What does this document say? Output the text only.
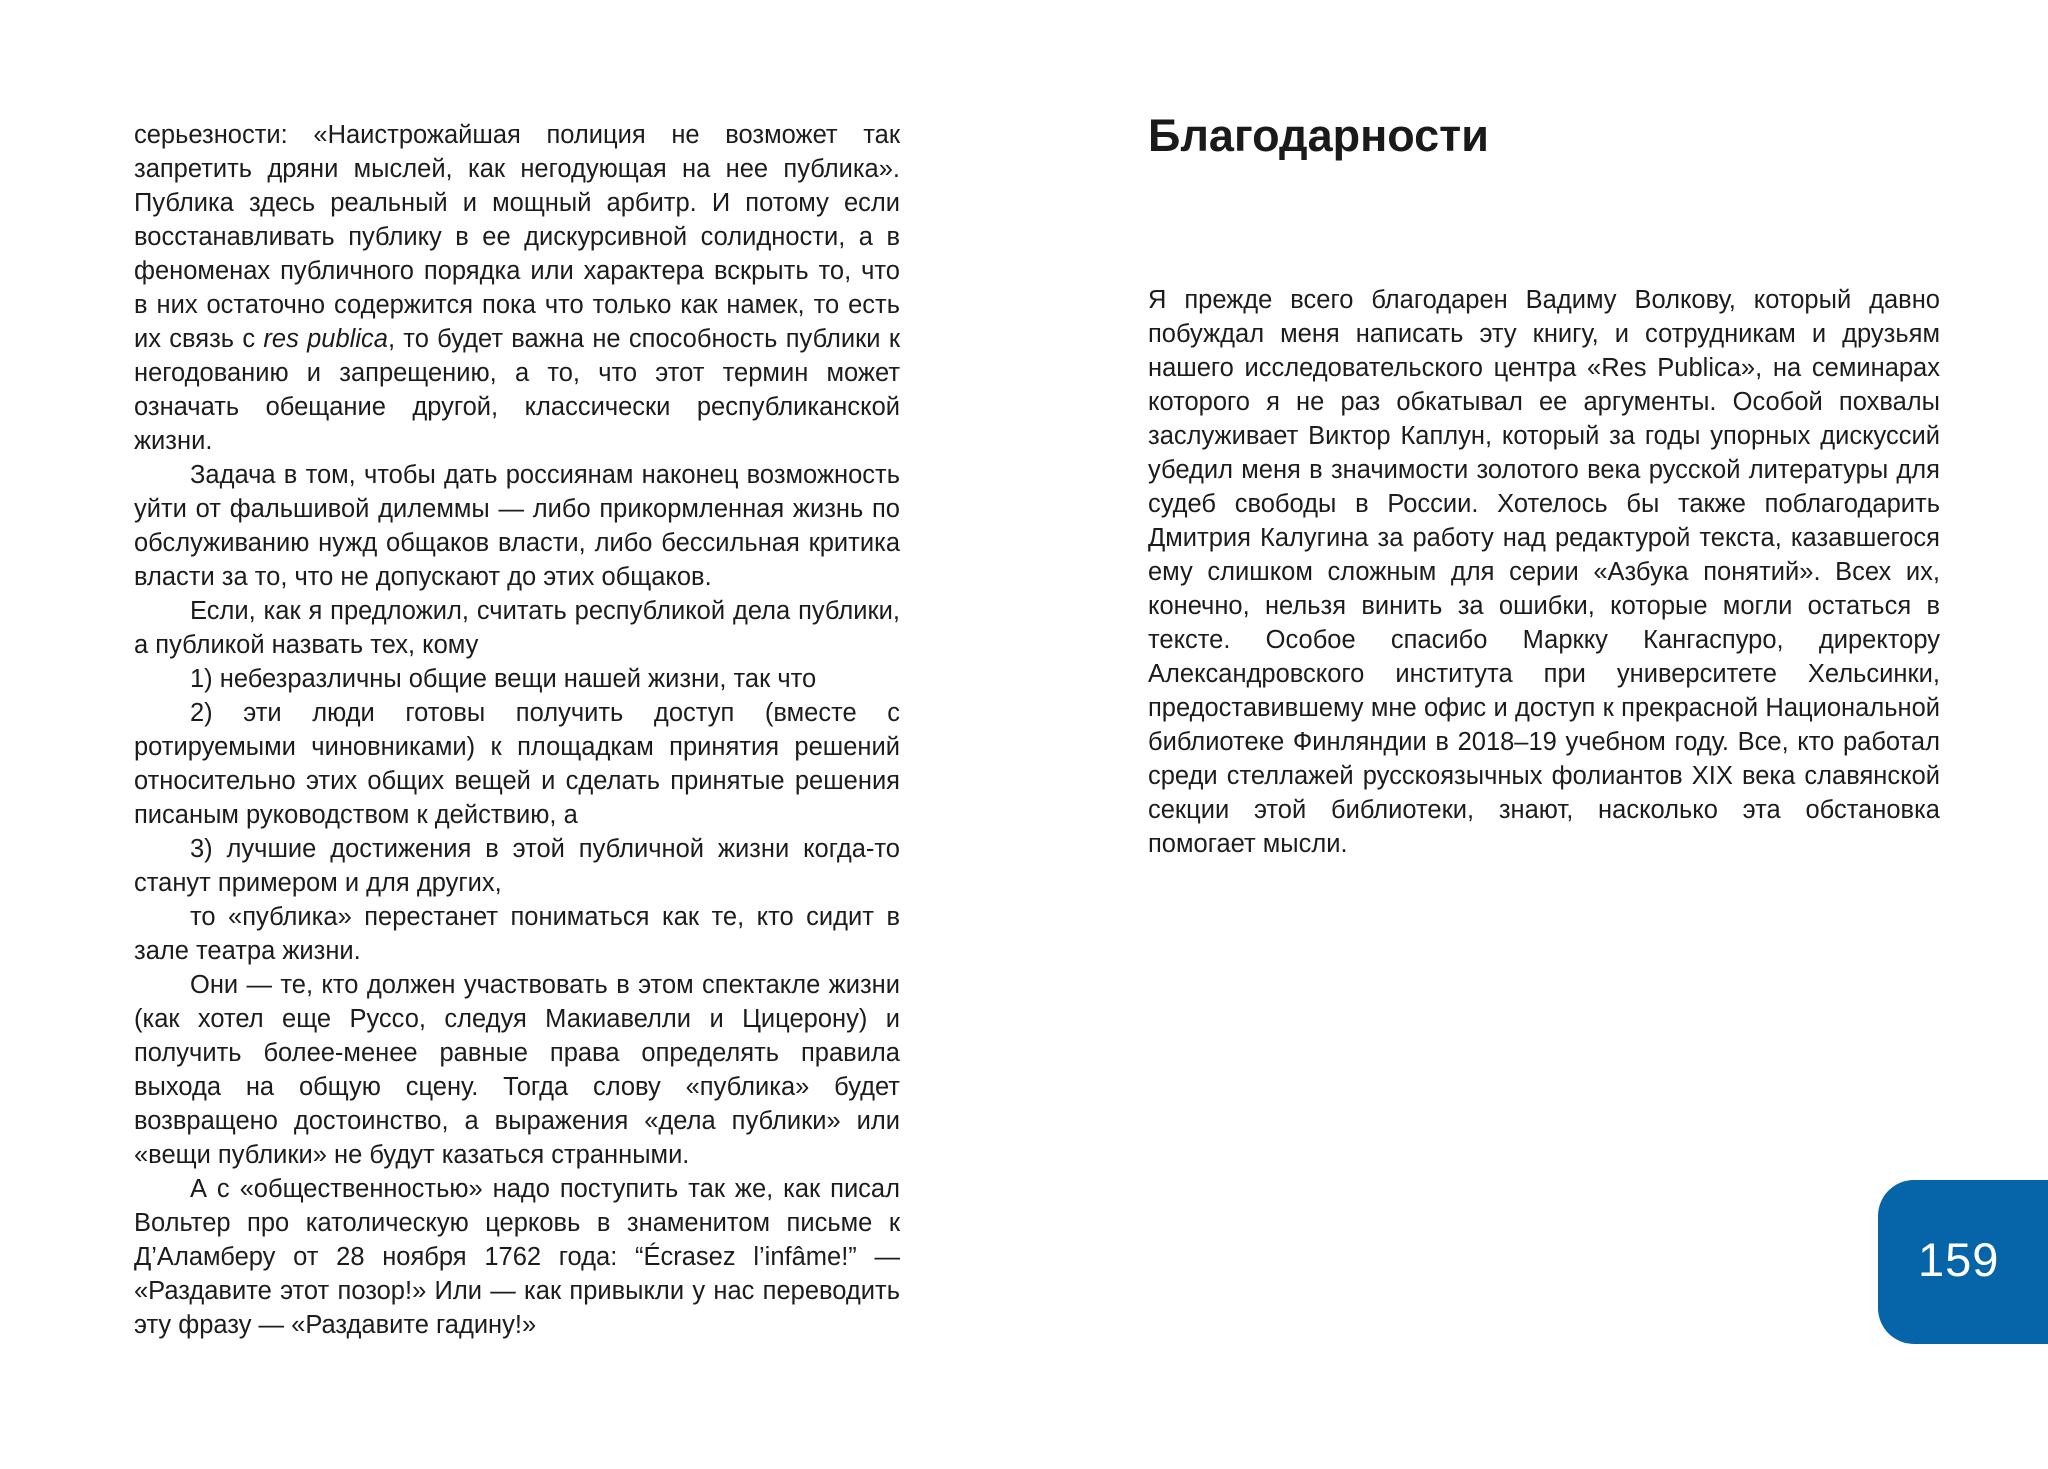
серьезности: «Наистрожайшая полиция не возможет так запретить дряни мыслей, как негодующая на нее публика». Публика здесь реальный и мощный арбитр. И потому если восстанавливать публику в ее дискурсивной солидности, а в феноменах публичного порядка или характера вскрыть то, что в них остаточно содержится пока что только как намек, то есть их связь с res publica, то будет важна не способность публики к негодованию и запрещению, а то, что этот термин может означать обещание другой, классически республиканской жизни.

Задача в том, чтобы дать россиянам наконец возможность уйти от фальшивой дилеммы — либо прикормленная жизнь по обслуживанию нужд общаков власти, либо бессильная критика власти за то, что не допускают до этих общаков.

Если, как я предложил, считать республикой дела публики, а публикой назвать тех, кому

1) небезразличны общие вещи нашей жизни, так что

2) эти люди готовы получить доступ (вместе с ротируемыми чиновниками) к площадкам принятия решений относительно этих общих вещей и сделать принятые решения писаным руководством к действию, а

3) лучшие достижения в этой публичной жизни когда-то станут примером и для других,

то «публика» перестанет пониматься как те, кто сидит в зале театра жизни.

Они — те, кто должен участвовать в этом спектакле жизни (как хотел еще Руссо, следуя Макиавелли и Цицерону) и получить более-менее равные права определять правила выхода на общую сцену. Тогда слову «публика» будет возвращено достоинство, а выражения «дела публики» или «вещи публики» не будут казаться странными.

А с «общественностью» надо поступить так же, как писал Вольтер про католическую церковь в знаменитом письме к Д’Аламберу от 28 ноября 1762 года: “Écrasez l’infâme!” — «Раздавите этот позор!» Или — как привыкли у нас переводить эту фразу — «Раздавите гадину!»

Благодарности

Я прежде всего благодарен Вадиму Волкову, который давно побуждал меня написать эту книгу, и сотрудникам и друзьям нашего исследовательского центра «Res Publica», на семинарах которого я не раз обкатывал ее аргументы. Особой похвалы заслуживает Виктор Каплун, который за годы упорных дискуссий убедил меня в значимости золотого века русской литературы для судеб свободы в России. Хотелось бы также поблагодарить Дмитрия Калугина за работу над редактурой текста, казавшегося ему слишком сложным для серии «Азбука понятий». Всех их, конечно, нельзя винить за ошибки, которые могли остаться в тексте. Особое спасибо Маркку Кангаспуро, директору Александровского института при университете Хельсинки, предоставившему мне офис и доступ к прекрасной Национальной библиотеке Финляндии в 2018–19 учебном году. Все, кто работал среди стеллажей русскоязычных фолиантов XIX века славянской секции этой библиотеки, знают, насколько эта обстановка помогает мысли.

159
